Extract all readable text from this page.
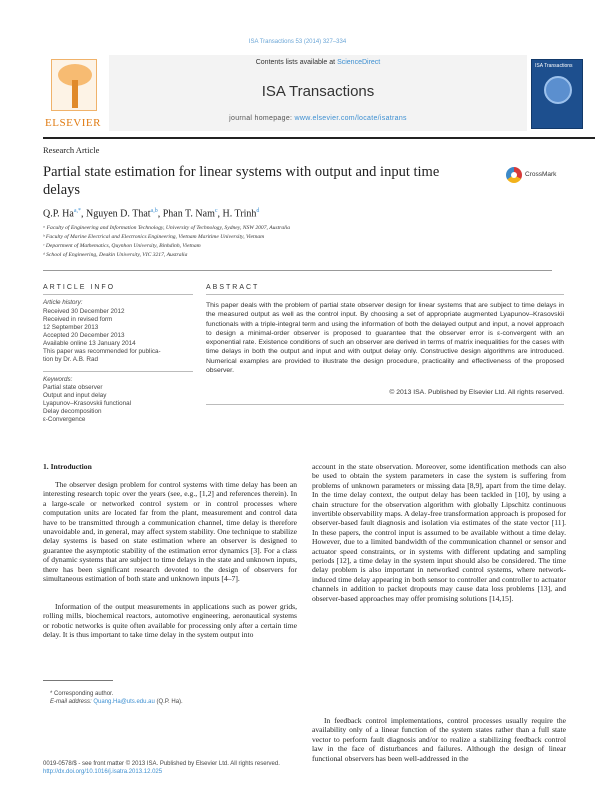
ISA Transactions 53 (2014) 327–334
ELSEVIER
Contents lists available at ScienceDirect
ISA Transactions
journal homepage: www.elsevier.com/locate/isatrans
ISA Transactions
Research Article
Partial state estimation for linear systems with output and input time delays
CrossMark
Q.P. $Ha^{a,*}$, Nguyen D. That$^{a,b}$, Phan T. Nam$^c$, H. Trinh$^d$
ᵃ Faculty of Engineering and Information Technology, University of Technology, Sydney, NSW 2007, Australia
ᵇ Faculty of Marine Electrical and Electronics Engineering, Vietnam Maritime University, Vietnam
ᶜ Department of Mathematics, Quynhon University, Binhdinh, Vietnam
ᵈ School of Engineering, Deakin University, VIC 3217, Australia
ARTICLE INFO	ABSTRACT
Article history:
Received 30 December 2012
Received in revised form
12 September 2013
Accepted 20 December 2013
Available online 13 January 2014
This paper was recommended for publica-
tion by Dr. A.B. Rad
Keywords:
Partial state observer
Output and input delay
Lyapunov–Krasovskii functional
Delay decomposition
ε-Convergence
This paper deals with the problem of partial state observer design for linear systems that are subject to time delays in the measured output as well as the control input. By choosing a set of appropriate augmented Lyapunov–Krasovskii functionals with a triple-integral term and using the information of both the delayed output and input, a novel approach to design a minimal-order observer is proposed to guarantee that the observer error is ε-convergent with an exponential rate. Existence conditions of such an observer are derived in terms of matrix inequalities for the cases with time delays in both the output and input and with output delay only. Constructive design algorithms are introduced. Numerical examples are provided to illustrate the design procedure, practicality and effectiveness of the proposed observer.
© 2013 ISA. Published by Elsevier Ltd. All rights reserved.
1. Introduction
The observer design problem for control systems with time delay has been an interesting research topic over the years (see, e.g., [1,2] and references therein). In a large-scale or networked control system or in control processes where computation units are located far from the plant, measurement and control data have to be transmitted through a communication channel, time delay is therefore unavoidable and, in general, may affect system stability. One technique to stabilize delay systems is based on state estimation where an observer is designed to guarantee the asymptotic stability of the estimation error dynamics [3]. For a class of dynamic systems that are subject to time delays in the state and unknown inputs, there has been significant research devoted to the design of observers for simultaneous estimation of both state and unknown inputs [4–7].
Information of the output measurements in applications such as power grids, rolling mills, biochemical reactors, automotive engineering, aeronautical systems or robotic networks is quite often available for processing only after a certain time delay. It is thus important to take time delay in the system output into
account in the state observation. Moreover, some identification methods can also be used to obtain the system parameters in case the system is suffering from problems of unknown parameters or missing data [8,9], apart from the time delay. In the time delay context, the output delay has been tackled in [10], by using a chain structure for the observation algorithm with globally Lipschitz continuous invertible observability maps. A delay-free transformation approach is proposed for observer-based fault diagnosis and isolation via estimates of the state vector [11]. In these papers, the control input is assumed to be available without a time delay. However, due to a limited bandwidth of the communication channel or sensor and actuator speed constraints, or in systems with different updating and sampling periods [12], a time delay in the system input should also be considered. The time delay problem is also important in networked control systems, where network-induced time delay appearing in both sensor to controller and controller to actuator channels in addition to packet dropouts may cause data loss problems [13], and observer-based approaches may offer promising solutions [14,15].
In feedback control implementations, control processes usually require the availability only of a linear function of the system states rather than a full state vector to perform fault diagnosis and/or to realize a stabilizing feedback control law in the face of disturbances and failures. Although the design of linear functional observers has been well-addressed in the
* Corresponding author.
E-mail address: Quang.Ha@uts.edu.au (Q.P. Ha).
0019-0578/$ - see front matter © 2013 ISA. Published by Elsevier Ltd. All rights reserved.
http://dx.doi.org/10.1016/j.isatra.2013.12.025
